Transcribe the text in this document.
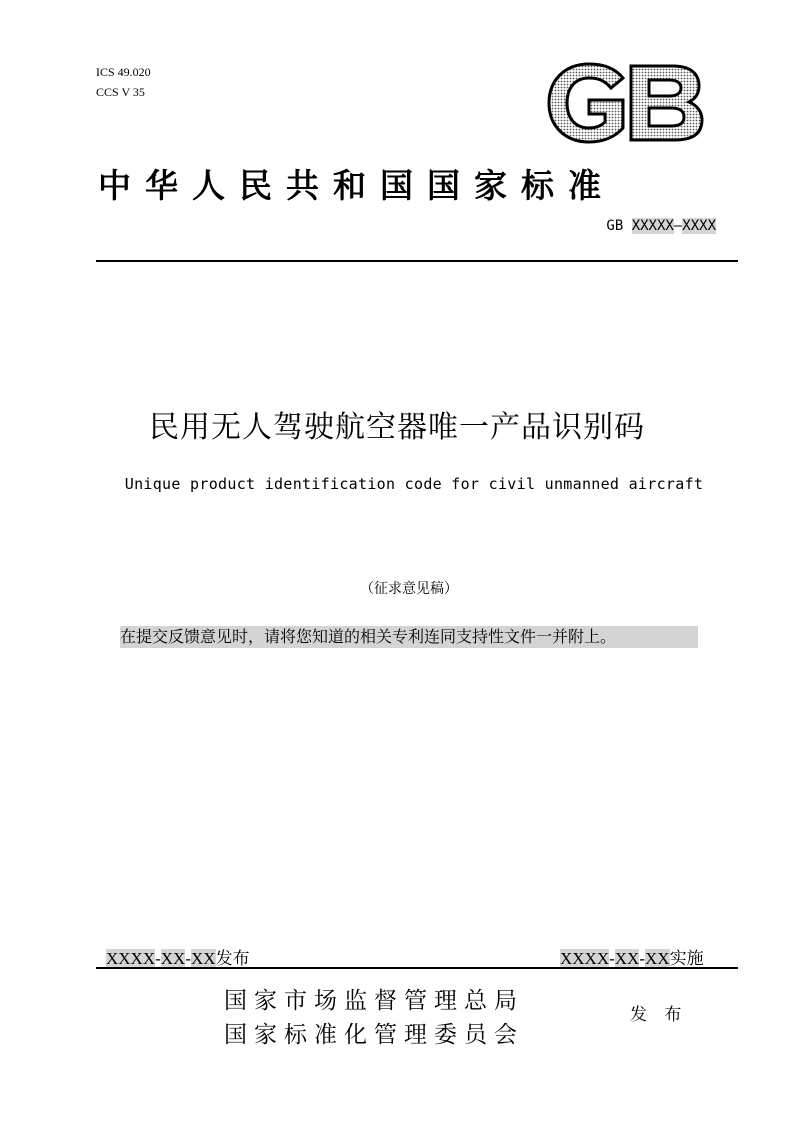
ICS 49.020
CCS V 35
中华人民共和国国家标准
GB XXXXX—XXXX
民用无人驾驶航空器唯一产品识别码
Unique product identification code for civil unmanned aircraft
（征求意见稿）
在提交反馈意见时，请将您知道的相关专利连同支持性文件一并附上。
XXXX-XX-XX发布	XXXX-XX-XX实施
国家市场监督管理总局
国家标准化管理委员会
发 布
